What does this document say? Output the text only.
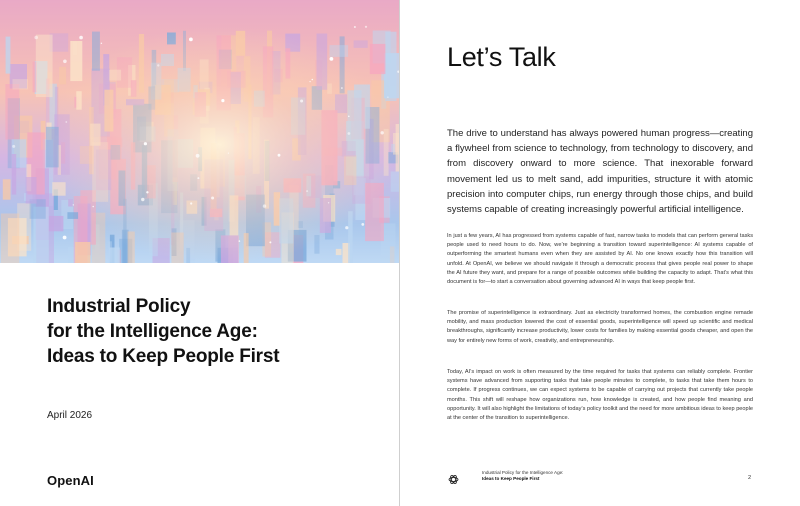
Industrial Policy
for the Intelligence Age:
Ideas to Keep People First
April 2026
OpenAI
Let’s Talk

The drive to understand has always powered human progress—creating a flywheel from science to technology, from technology to discovery, and from discovery onward to more science. That inexorable forward movement led us to melt sand, add impurities, structure it with atomic precision into computer chips, run energy through those chips, and build systems capable of creating increasingly powerful artificial intelligence.

In just a few years, AI has progressed from systems capable of fast, narrow tasks to models that can perform general tasks people used to need hours to do. Now, we’re beginning a transition toward superintelligence: AI systems capable of outperforming the smartest humans even when they are assisted by AI. No one knows exactly how this transition will unfold. At OpenAI, we believe we should navigate it through a democratic process that gives people real power to shape the AI future they want, and prepare for a range of possible outcomes while building the capacity to adapt. That’s what this document is for—to start a conversation about governing advanced AI in ways that keep people first.

The promise of superintelligence is extraordinary. Just as electricity transformed homes, the combustion engine remade mobility, and mass production lowered the cost of essential goods, superintelligence will speed up scientific and medical breakthroughs, significantly increase productivity, lower costs for families by making essential goods cheaper, and open the way for entirely new forms of work, creativity, and entrepreneurship.

Today, AI’s impact on work is often measured by the time required for tasks that systems can reliably complete. Frontier systems have advanced from supporting tasks that take people minutes to complete, to tasks that take them hours to complete. If progress continues, we can expect systems to be capable of carrying out projects that currently take people months. This shift will reshape how organizations run, how knowledge is created, and how people find meaning and opportunity. It will also highlight the limitations of today’s policy toolkit and the need for more ambitious ideas to keep people at the center of the transition to superintelligence.

Industrial Policy for the Intelligence Age:
Ideas to Keep People First	2
